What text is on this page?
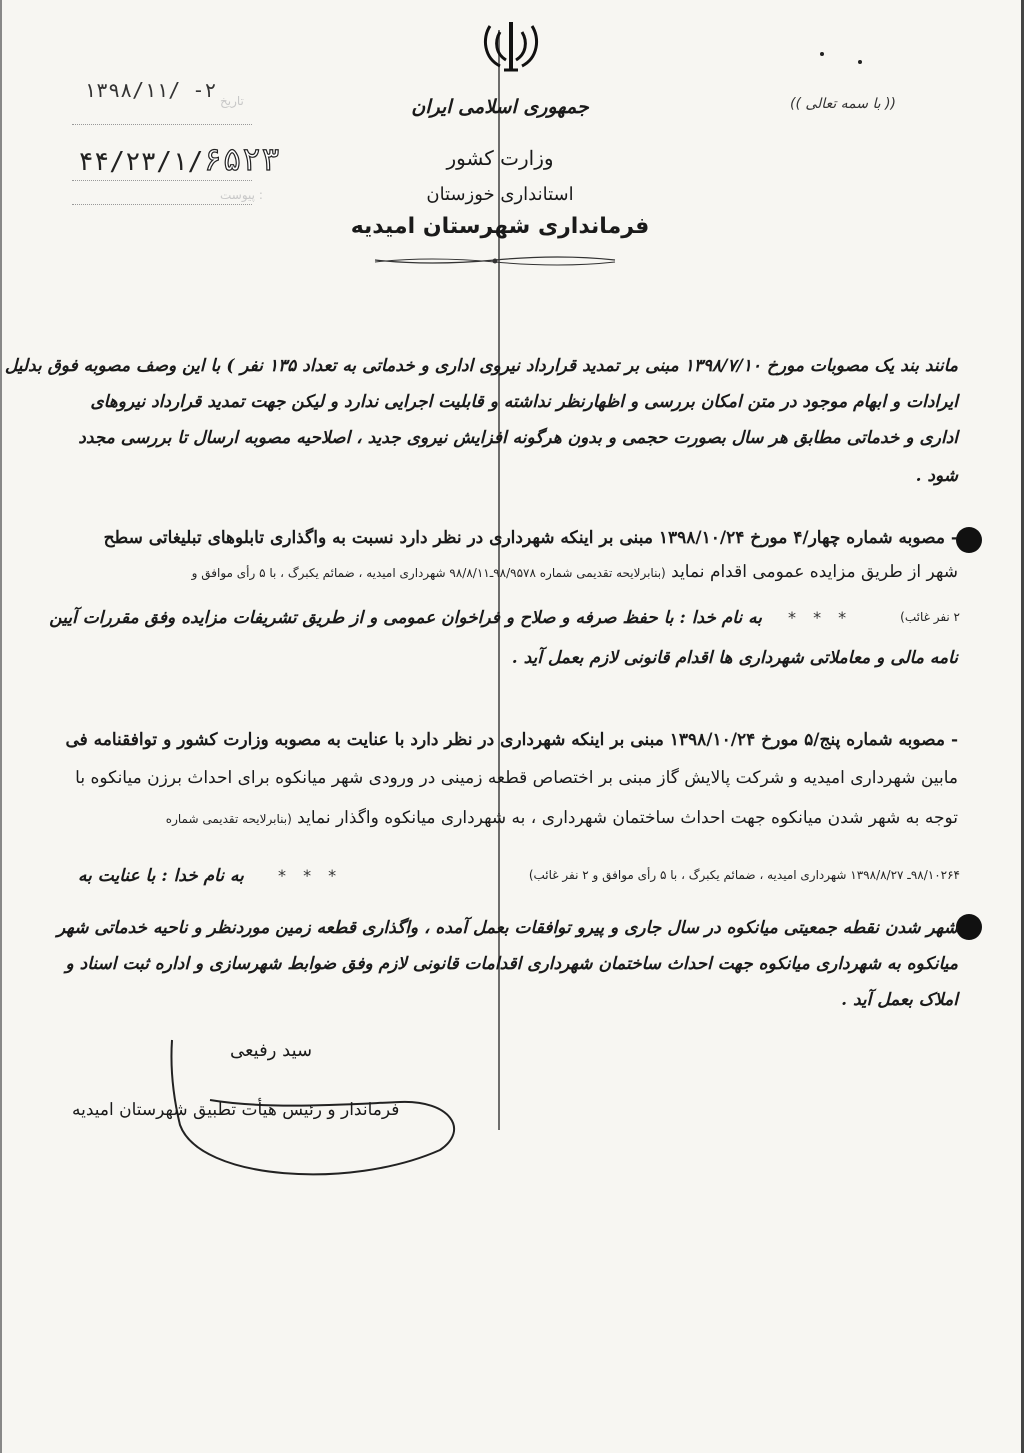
جمهوری اسلامی ایران
وزارت کشور
استانداری خوزستان
فرمانداری شهرستان امیدیه
۱۳۹۸/۱۱/ -۲ تاریخ
۴۴/۲۳/۱/۶۵۲۳
پیوست :
(( با سمه تعالی ))
مانند بند یک مصوبات مورخ ۱۳۹۸/۷/۱۰ مبنی بر تمدید قرارداد نیروی اداری و خدماتی به تعداد ۱۳۵ نفر ) با این وصف مصوبه فوق بدلیل
ایرادات و ابهام موجود در متن امکان بررسی و اظهارنظر نداشته و قابلیت اجرایی ندارد و لیکن جهت تمدید قرارداد نیروهای
اداری و خدماتی مطابق هر سال بصورت حجمی و بدون هرگونه افزایش نیروی جدید ، اصلاحیه مصوبه ارسال تا بررسی مجدد
شود .
- مصوبه شماره چهار/۴ مورخ ۱۳۹۸/۱۰/۲۴ مبنی بر اینکه شهرداری در نظر دارد نسبت به واگذاری تابلوهای تبلیغاتی سطح
شهر از طریق مزایده عمومی اقدام نماید (بنابرلایحه تقدیمی شماره ۹۸/۹۵۷۸ـ۹۸/۸/۱۱ شهرداری امیدیه ، ضمائم یکبرگ ، با ۵ رأی موافق و
۲ نفر غائب)
* * *
به نام خدا : با حفظ صرفه و صلاح و فراخوان عمومی و از طریق تشریفات مزایده وفق مقررات آیین
نامه مالی و معاملاتی شهرداری ها اقدام قانونی لازم بعمل آید .
- مصوبه شماره پنج/۵ مورخ ۱۳۹۸/۱۰/۲۴ مبنی بر اینکه شهرداری در نظر دارد با عنایت به مصوبه وزارت کشور و توافقنامه فی
مابین شهرداری امیدیه و شرکت پالایش گاز مبنی بر اختصاص قطعه زمینی در ورودی شهر میانکوه برای احداث برزن میانکوه با
توجه به شهر شدن میانکوه جهت احداث ساختمان شهرداری ، به شهرداری میانکوه واگذار نماید (بنابرلایحه تقدیمی شماره
۹۸/۱۰۲۶۴ـ ۱۳۹۸/۸/۲۷ شهرداری امیدیه ، ضمائم یکبرگ ، با ۵ رأی موافق و ۲ نفر غائب)
* * *
به نام خدا : با عنایت به
شهر شدن نقطه جمعیتی میانکوه در سال جاری و پیرو توافقات بعمل آمده ، واگذاری قطعه زمین موردنظر و ناحیه خدماتی شهر
میانکوه به شهرداری میانکوه جهت احداث ساختمان شهرداری اقدامات قانونی لازم وفق ضوابط شهرسازی و اداره ثبت اسناد و
املاک بعمل آید .
سید رفیعی
فرماندار و رئیس هیأت تطبیق شهرستان امیدیه
